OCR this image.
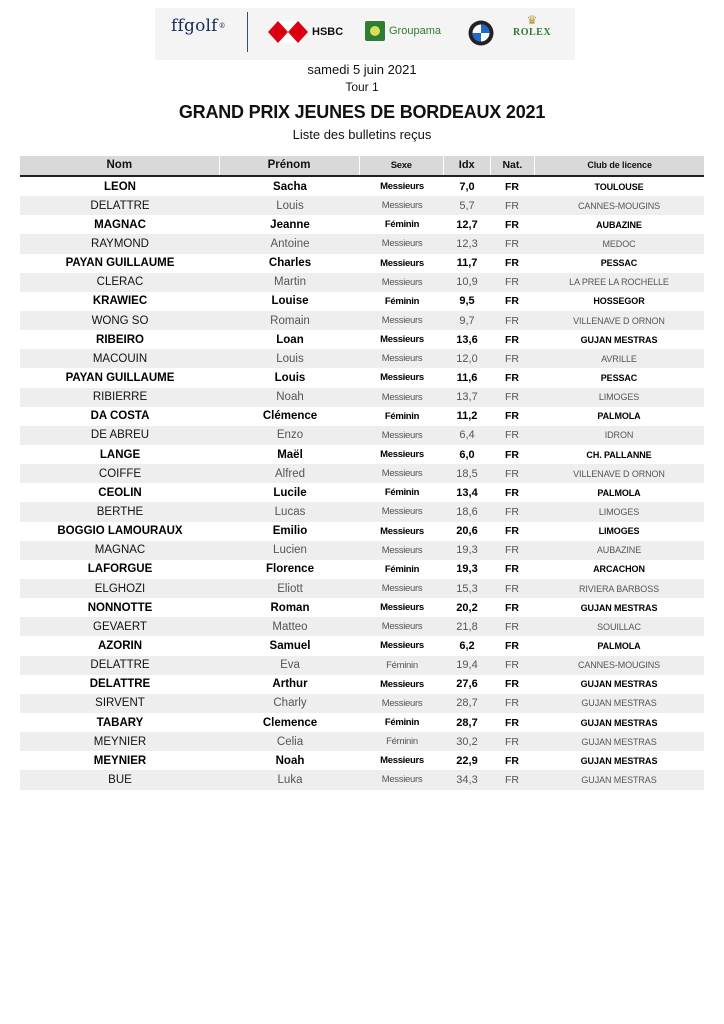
ffgolf ®	HSBC	Groupama
♛
ROLEX
samedi 5 juin 2021
Tour 1
GRAND PRIX JEUNES DE BORDEAUX 2021
Liste des bulletins reçus
Nom	Prénom	Sexe	Idx	Nat.	Club de licence
LEON	Sacha	Messieurs	7,0	FR	TOULOUSE
DELATTRE	Louis	Messieurs	5,7	FR	CANNES-MOUGINS
MAGNAC	Jeanne	Féminin	12,7	FR	AUBAZINE
RAYMOND	Antoine	Messieurs	12,3	FR	MEDOC
PAYAN GUILLAUME	Charles	Messieurs	11,7	FR	PESSAC
CLERAC	Martin	Messieurs	10,9	FR	LA PREE LA ROCHELLE
KRAWIEC	Louise	Féminin	9,5	FR	HOSSEGOR
WONG SO	Romain	Messieurs	9,7	FR	VILLENAVE D ORNON
RIBEIRO	Loan	Messieurs	13,6	FR	GUJAN MESTRAS
MACOUIN	Louis	Messieurs	12,0	FR	AVRILLE
PAYAN GUILLAUME	Louis	Messieurs	11,6	FR	PESSAC
RIBIERRE	Noah	Messieurs	13,7	FR	LIMOGES
DA COSTA	Clémence	Féminin	11,2	FR	PALMOLA
DE ABREU	Enzo	Messieurs	6,4	FR	IDRON
LANGE	Maël	Messieurs	6,0	FR	CH. PALLANNE
COIFFE	Alfred	Messieurs	18,5	FR	VILLENAVE D ORNON
CEOLIN	Lucile	Féminin	13,4	FR	PALMOLA
BERTHE	Lucas	Messieurs	18,6	FR	LIMOGES
BOGGIO LAMOURAUX	Emilio	Messieurs	20,6	FR	LIMOGES
MAGNAC	Lucien	Messieurs	19,3	FR	AUBAZINE
LAFORGUE	Florence	Féminin	19,3	FR	ARCACHON
ELGHOZI	Eliott	Messieurs	15,3	FR	RIVIERA BARBOSS
NONNOTTE	Roman	Messieurs	20,2	FR	GUJAN MESTRAS
GEVAERT	Matteo	Messieurs	21,8	FR	SOUILLAC
AZORIN	Samuel	Messieurs	6,2	FR	PALMOLA
DELATTRE	Eva	Féminin	19,4	FR	CANNES-MOUGINS
DELATTRE	Arthur	Messieurs	27,6	FR	GUJAN MESTRAS
SIRVENT	Charly	Messieurs	28,7	FR	GUJAN MESTRAS
TABARY	Clemence	Féminin	28,7	FR	GUJAN MESTRAS
MEYNIER	Celia	Féminin	30,2	FR	GUJAN MESTRAS
MEYNIER	Noah	Messieurs	22,9	FR	GUJAN MESTRAS
BUE	Luka	Messieurs	34,3	FR	GUJAN MESTRAS
